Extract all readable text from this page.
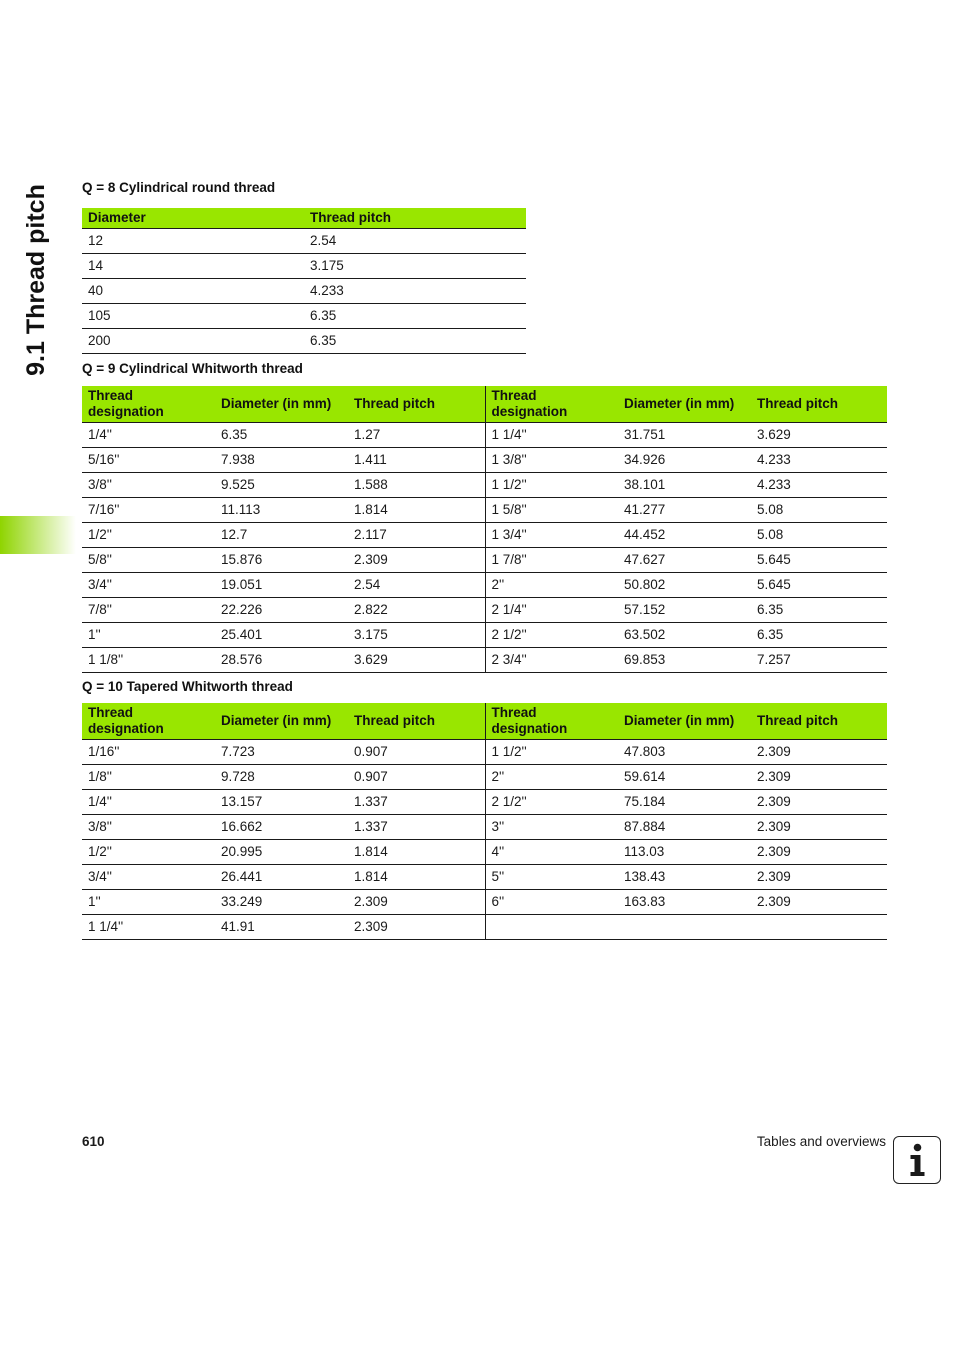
9.1 Thread pitch	Q = 8 Cylindrical round thread
Diameter	Thread pitch
12	2.54
14	3.175
40	4.233
105	6.35
200	6.35
Q = 9 Cylindrical Whitworth thread
Thread designation	Diameter (in mm)	Thread pitch	Thread designation	Diameter (in mm)	Thread pitch
1/4''	6.35	1.27	1 1/4''	31.751	3.629
5/16''	7.938	1.411	1 3/8''	34.926	4.233
3/8''	9.525	1.588	1 1/2''	38.101	4.233
7/16''	11.113	1.814	1 5/8''	41.277	5.08
1/2''	12.7	2.117	1 3/4''	44.452	5.08
5/8''	15.876	2.309	1 7/8''	47.627	5.645
3/4''	19.051	2.54	2''	50.802	5.645
7/8''	22.226	2.822	2 1/4''	57.152	6.35
1''	25.401	3.175	2 1/2''	63.502	6.35
1 1/8''	28.576	3.629	2 3/4''	69.853	7.257
Q = 10 Tapered Whitworth thread
Thread designation	Diameter (in mm)	Thread pitch	Thread designation	Diameter (in mm)	Thread pitch
1/16''	7.723	0.907	1 1/2''	47.803	2.309
1/8''	9.728	0.907	2''	59.614	2.309
1/4''	13.157	1.337	2 1/2''	75.184	2.309
3/8''	16.662	1.337	3''	87.884	2.309
1/2''	20.995	1.814	4''	113.03	2.309
3/4''	26.441	1.814	5''	138.43	2.309
1''	33.249	2.309	6''	163.83	2.309
1 1/4''	41.91	2.309			
610	Tables and overviews
